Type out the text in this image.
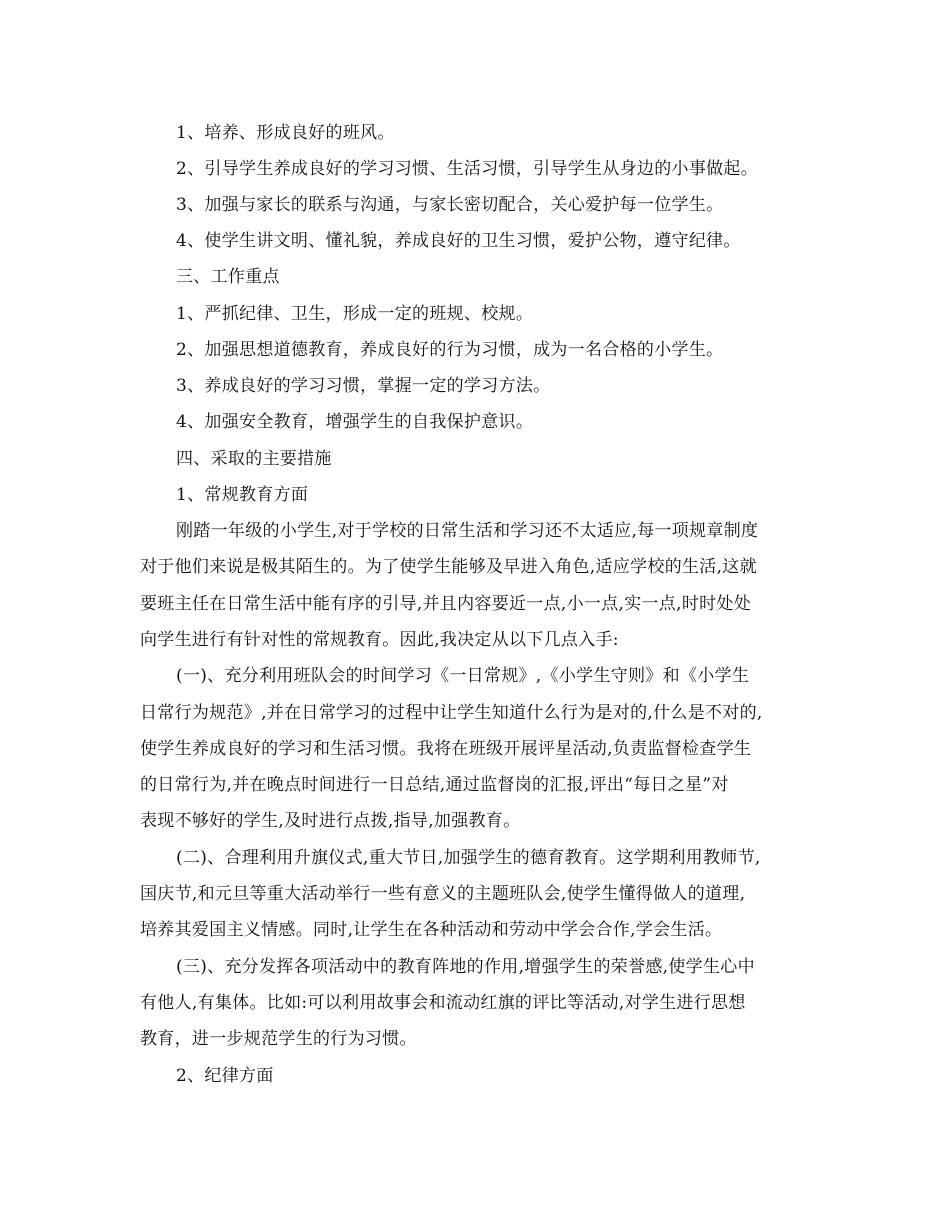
1、培养、形成良好的班风。
2、引导学生养成良好的学习习惯、生活习惯，引导学生从身边的小事做起。
3、加强与家长的联系与沟通，与家长密切配合，关心爱护每一位学生。
4、使学生讲文明、懂礼貌，养成良好的卫生习惯，爱护公物，遵守纪律。
三、工作重点
1、严抓纪律、卫生，形成一定的班规、校规。
2、加强思想道德教育，养成良好的行为习惯，成为一名合格的小学生。
3、养成良好的学习习惯，掌握一定的学习方法。
4、加强安全教育，增强学生的自我保护意识。
四、采取的主要措施
1、常规教育方面
刚踏一年级的小学生,对于学校的日常生活和学习还不太适应,每一项规章制度
对于他们来说是极其陌生的。为了使学生能够及早进入角色,适应学校的生活,这就
要班主任在日常生活中能有序的引导,并且内容要近一点,小一点,实一点,时时处处
向学生进行有针对性的常规教育。因此,我决定从以下几点入手:
(一)、充分利用班队会的时间学习《一日常规》,《小学生守则》和《小学生
日常行为规范》,并在日常学习的过程中让学生知道什么行为是对的,什么是不对的,
使学生养成良好的学习和生活习惯。我将在班级开展评星活动,负责监督检查学生
的日常行为,并在晚点时间进行一日总结,通过监督岗的汇报,评出“每日之星”对
表现不够好的学生,及时进行点拨,指导,加强教育。
(二)、合理利用升旗仪式,重大节日,加强学生的德育教育。这学期利用教师节,
国庆节,和元旦等重大活动举行一些有意义的主题班队会,使学生懂得做人的道理,
培养其爱国主义情感。同时,让学生在各种活动和劳动中学会合作,学会生活。
(三)、充分发挥各项活动中的教育阵地的作用,增强学生的荣誉感,使学生心中
有他人,有集体。比如:可以利用故事会和流动红旗的评比等活动,对学生进行思想
教育，进一步规范学生的行为习惯。
2、纪律方面
